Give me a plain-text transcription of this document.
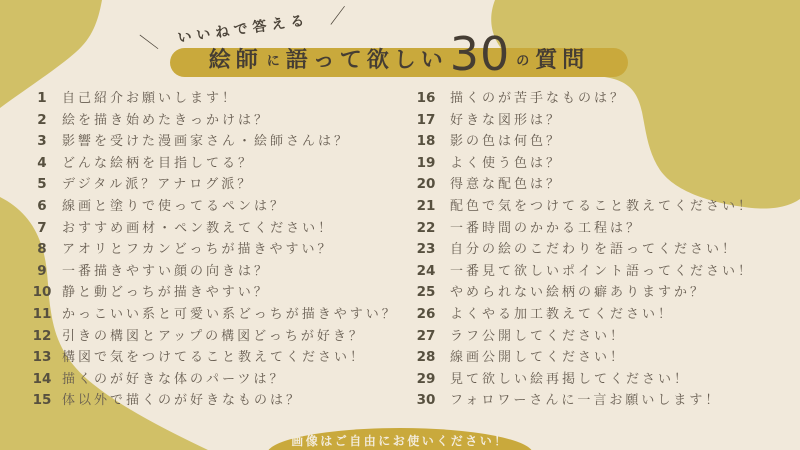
＼ いいねで答える ／
絵師 に 語って欲しい 30 の 質問
1	自己紹介お願いします！
2	絵を描き始めたきっかけは？
3	影響を受けた漫画家さん・絵師さんは？
4	どんな絵柄を目指してる？
5	デジタル派？アナログ派？
6	線画と塗りで使ってるペンは？
7	おすすめ画材・ペン教えてください！
8	アオリとフカンどっちが描きやすい？
9	一番描きやすい顔の向きは？
10 静と動どっちが描きやすい？
11 かっこいい系と可愛い系どっちが描きやすい？
12 引きの構図とアップの構図どっちが好き？
13 構図で気をつけてること教えてください！
14 描くのが好きな体のパーツは？
15 体以外で描くのが好きなものは？
16	描くのが苦手なものは？
17	好きな図形は？
18	影の色は何色？
19	よく使う色は？
20	得意な配色は？
21	配色で気をつけてること教えてください！
22	一番時間のかかる工程は？
23	自分の絵のこだわりを語ってください！
24	一番見て欲しいポイント語ってください！
25	やめられない絵柄の癖ありますか？
26	よくやる加工教えてください！
27	ラフ公開してください！
28	線画公開してください！
29	見て欲しい絵再掲してください！
30	フォロワーさんに一言お願いします！
画像はご自由にお使いください！
